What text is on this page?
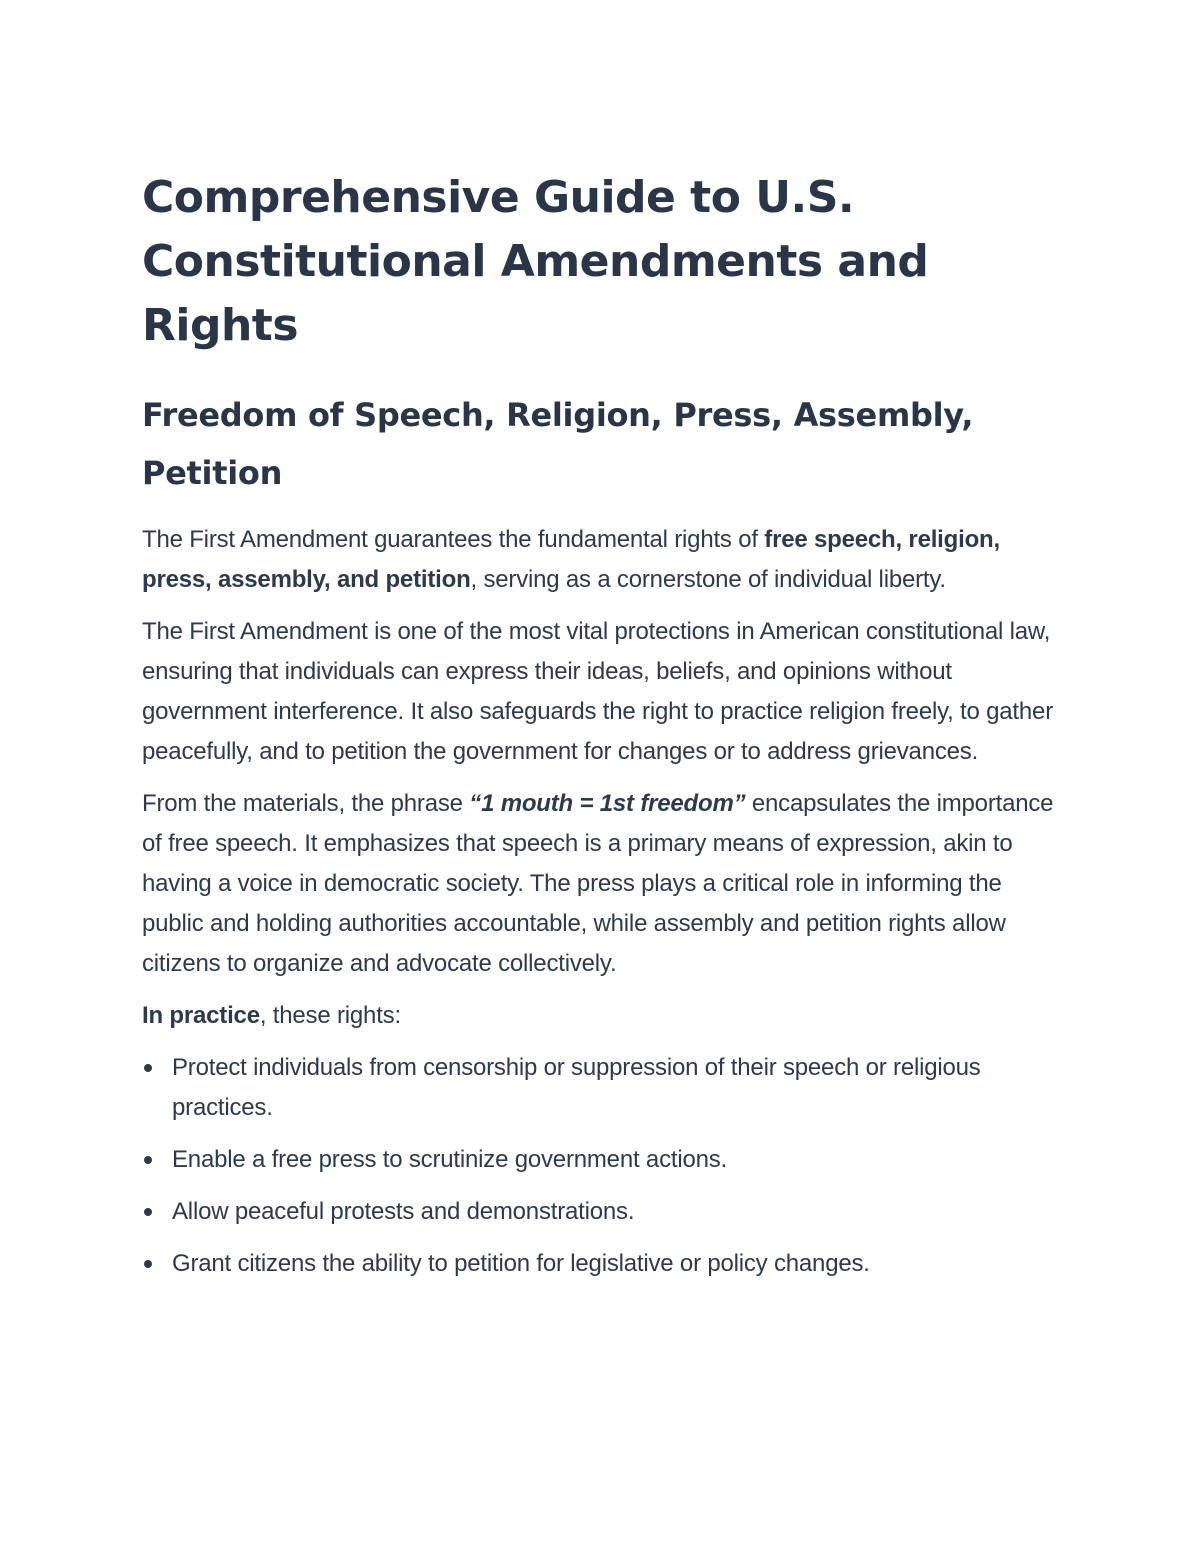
Comprehensive Guide to U.S. Constitutional Amendments and Rights
Freedom of Speech, Religion, Press, Assembly, Petition

The First Amendment guarantees the fundamental rights of free speech, religion, press, assembly, and petition, serving as a cornerstone of individual liberty.

The First Amendment is one of the most vital protections in American constitutional law, ensuring that individuals can express their ideas, beliefs, and opinions without government interference. It also safeguards the right to practice religion freely, to gather peacefully, and to petition the government for changes or to address grievances.

From the materials, the phrase “1 mouth = 1st freedom” encapsulates the importance of free speech. It emphasizes that speech is a primary means of expression, akin to having a voice in democratic society. The press plays a critical role in informing the public and holding authorities accountable, while assembly and petition rights allow citizens to organize and advocate collectively.

In practice, these rights:

Protect individuals from censorship or suppression of their speech or religious practices.
Enable a free press to scrutinize government actions.
Allow peaceful protests and demonstrations.
Grant citizens the ability to petition for legislative or policy changes.
